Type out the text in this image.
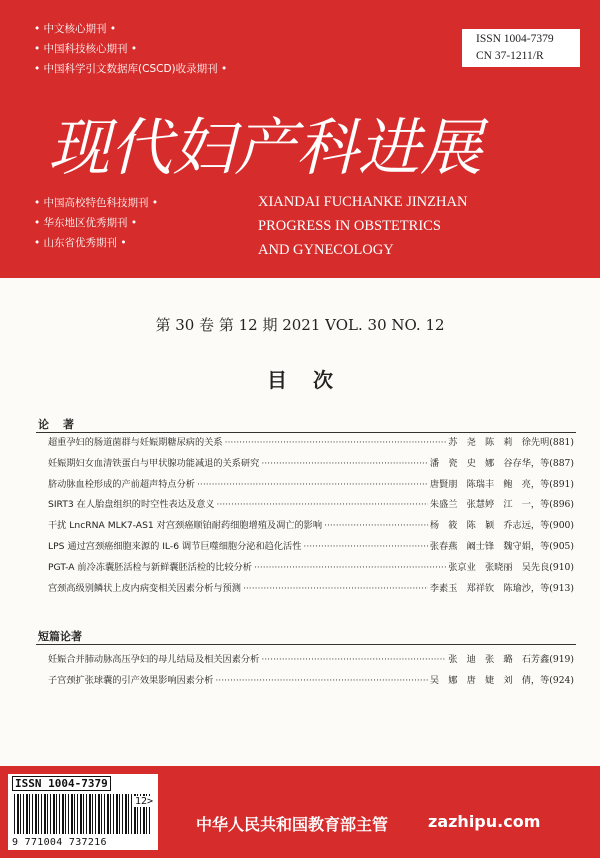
• 中文核心期刊 •
• 中国科技核心期刊 •
• 中国科学引文数据库(CSCD)收录期刊 •
ISSN 1004-7379
CN 37-1211/R
现代妇产科进展
• 中国高校特色科技期刊 •
• 华东地区优秀期刊 •
• 山东省优秀期刊 •
XIANDAI FUCHANKE JINZHAN
PROGRESS IN OBSTETRICS
AND GYNECOLOGY
第 30 卷 第 12 期 2021 VOL. 30 NO. 12
目次
论著
超重孕妇的肠道菌群与妊娠期糖尿病的关系 ·····	苏　尧　陈　莉　徐先明(881)
妊娠期妇女血清铁蛋白与甲状腺功能减退的关系研究 ·····	潘　瓷　史　娜　谷存华，等(887)
脐动脉血栓形成的产前超声特点分析 ·····	唐賢朋　陈瑞丰　鲍　亮，等(891)
SIRT3 在人胎盘组织的时空性表达及意义 ·····	朱盛兰　张慧婷　江　一，等(896)
干扰 LncRNA MLK7-AS1 对宫颈癌顺铂耐药细胞增殖及凋亡的影响 ·····	杨　筱　陈　颖　乔志远，等(900)
LPS 通过宫颈癌细胞来源的 IL-6 调节巨噬细胞分泌和趋化活性 ·····	张春燕　阚士锋　魏守娟，等(905)
PGT-A 前冷冻囊胚活检与新鲜囊胚活检的比较分析 ·····	张京业　张晓丽　吴先良(910)
宫颈高级别鳞状上皮内病变相关因素分析与预测 ·····	李素玉　郑祥钦　陈瑜沙，等(913)
短篇论著
妊娠合并肺动脉高压孕妇的母儿结局及相关因素分析 ·····	张　迪　张　璐　石芳鑫(919)
子宫颈扩张球囊的引产效果影响因素分析 ·····	吴　娜　唐　婕　刘　倩，等(924)
ISSN 1004-7379
12>
9 771004 737216
中华人民共和国教育部主管 zazhipu.com
